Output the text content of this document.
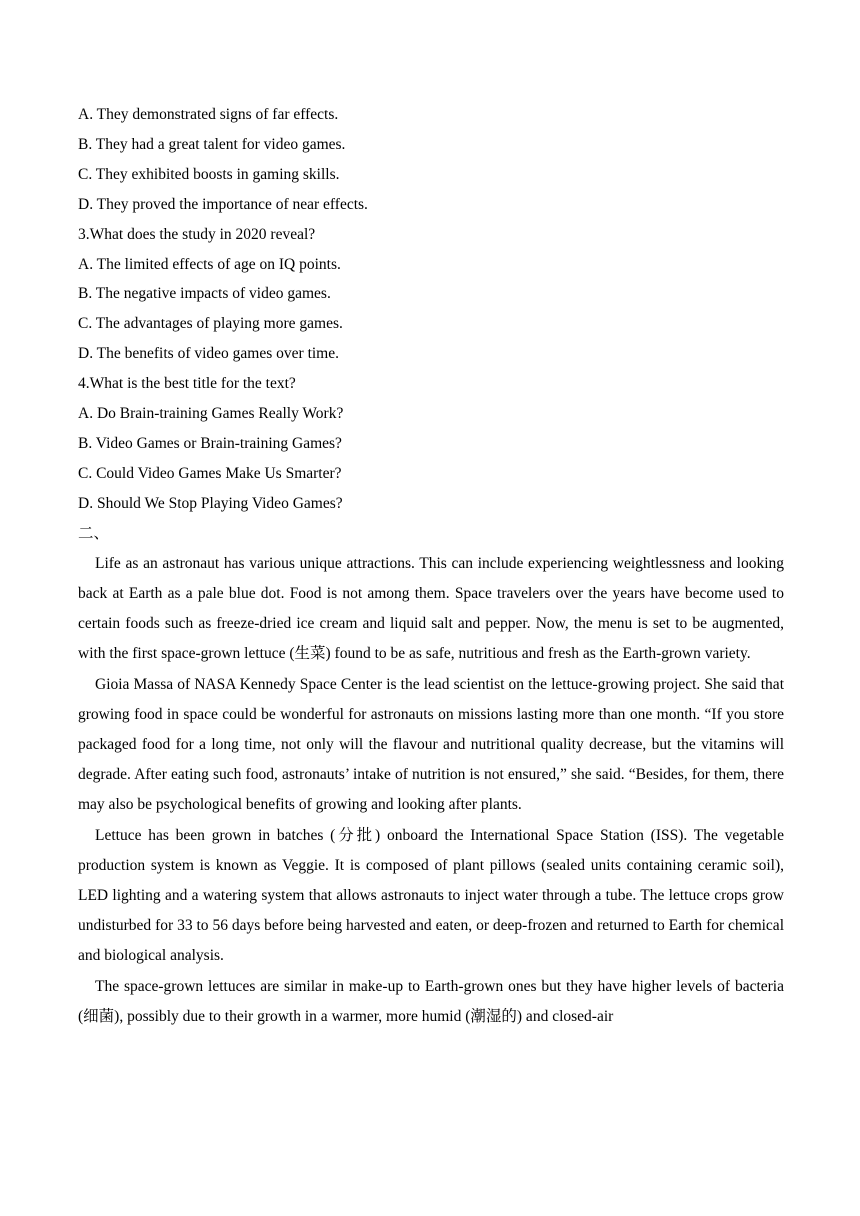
A. They demonstrated signs of far effects.
B. They had a great talent for video games.
C. They exhibited boosts in gaming skills.
D. They proved the importance of near effects.
3.What does the study in 2020 reveal?
A. The limited effects of age on IQ points.
B. The negative impacts of video games.
C. The advantages of playing more games.
D. The benefits of video games over time.
4.What is the best title for the text?
A. Do Brain-training Games Really Work?
B. Video Games or Brain-training Games?
C. Could Video Games Make Us Smarter?
D. Should We Stop Playing Video Games?
二、

Life as an astronaut has various unique attractions. This can include experiencing weightlessness and looking back at Earth as a pale blue dot. Food is not among them. Space travelers over the years have become used to certain foods such as freeze-dried ice cream and liquid salt and pepper. Now, the menu is set to be augmented, with the first space-grown lettuce (生菜) found to be as safe, nutritious and fresh as the Earth-grown variety.

Gioia Massa of NASA Kennedy Space Center is the lead scientist on the lettuce-growing project. She said that growing food in space could be wonderful for astronauts on missions lasting more than one month. “If you store packaged food for a long time, not only will the flavour and nutritional quality decrease, but the vitamins will degrade. After eating such food, astronauts’ intake of nutrition is not ensured,” she said. “Besides, for them, there may also be psychological benefits of growing and looking after plants.

Lettuce has been grown in batches (分批) onboard the International Space Station (ISS). The vegetable production system is known as Veggie. It is composed of plant pillows (sealed units containing ceramic soil), LED lighting and a watering system that allows astronauts to inject water through a tube. The lettuce crops grow undisturbed for 33 to 56 days before being harvested and eaten, or deep-frozen and returned to Earth for chemical and biological analysis.

The space-grown lettuces are similar in make-up to Earth-grown ones but they have higher levels of bacteria (细菌), possibly due to their growth in a warmer, more humid (潮湿的) and closed-air
